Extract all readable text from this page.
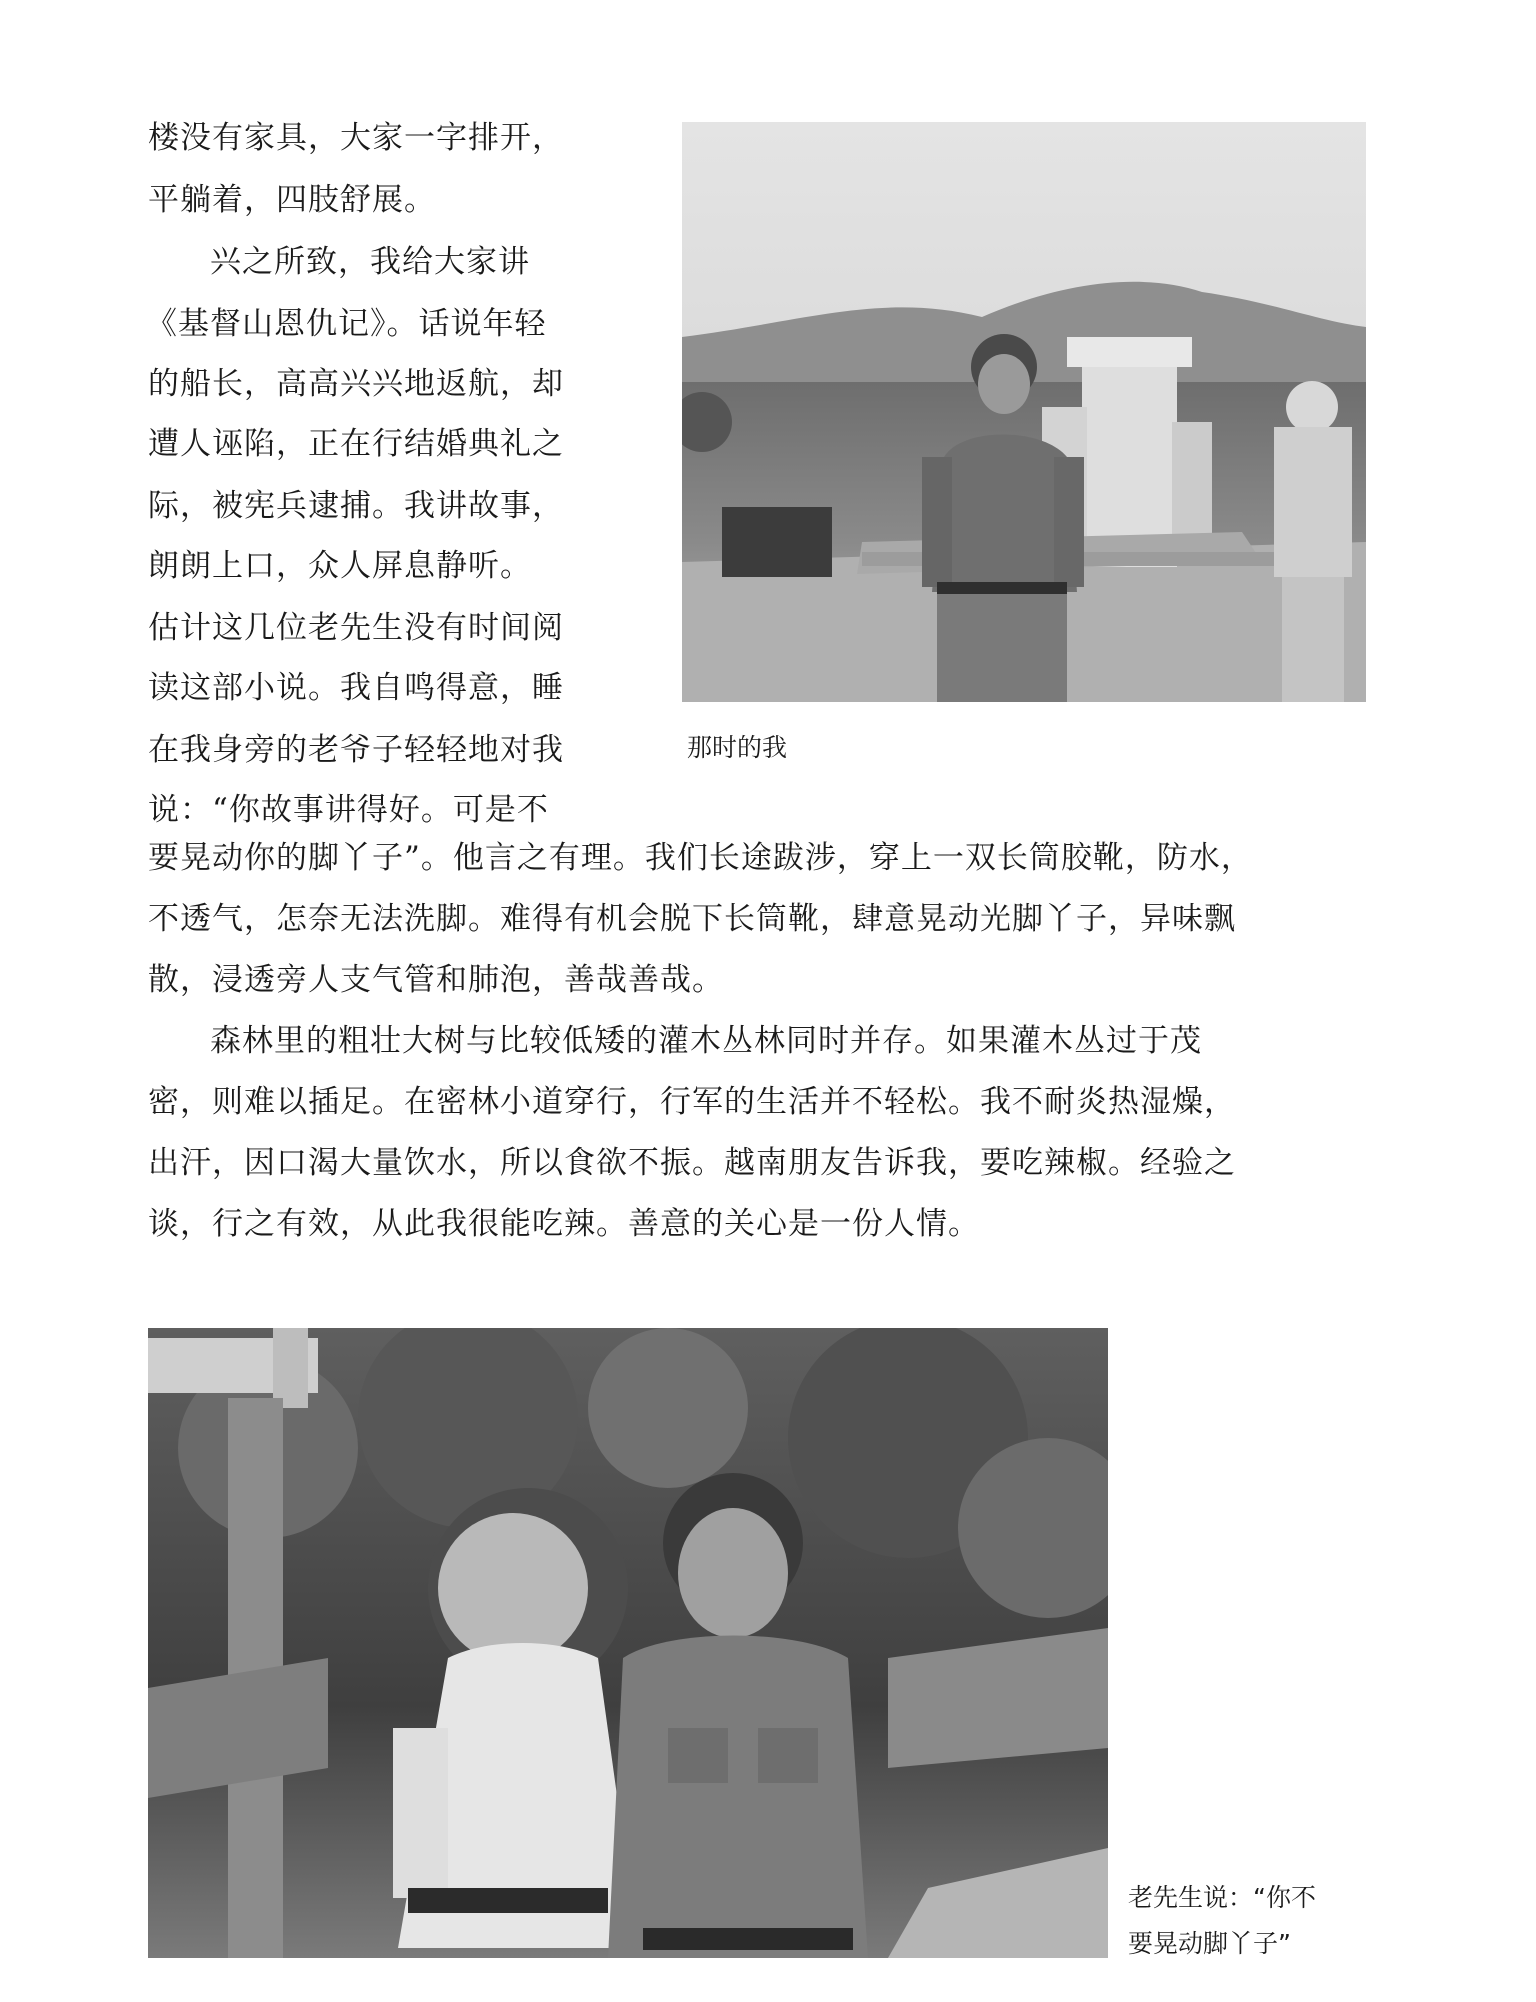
楼没有家具，大家一字排开，
平躺着，四肢舒展。
兴之所致，我给大家讲
《基督山恩仇记》。话说年轻
的船长，高高兴兴地返航，却
遭人诬陷，正在行结婚典礼之
际，被宪兵逮捕。我讲故事，
朗朗上口，众人屏息静听。
估计这几位老先生没有时间阅
读这部小说。我自鸣得意，睡
在我身旁的老爷子轻轻地对我
说：“你故事讲得好。可是不
那时的我
要晃动你的脚丫子”。他言之有理。我们长途跋涉，穿上一双长筒胶靴，防水，
不透气，怎奈无法洗脚。难得有机会脱下长筒靴，肆意晃动光脚丫子，异味飘
散，浸透旁人支气管和肺泡，善哉善哉。
森林里的粗壮大树与比较低矮的灌木丛林同时并存。如果灌木丛过于茂
密，则难以插足。在密林小道穿行，行军的生活并不轻松。我不耐炎热湿燥，
出汗，因口渴大量饮水，所以食欲不振。越南朋友告诉我，要吃辣椒。经验之
谈，行之有效，从此我很能吃辣。善意的关心是一份人情。
老先生说：“你不
要晃动脚丫子”
